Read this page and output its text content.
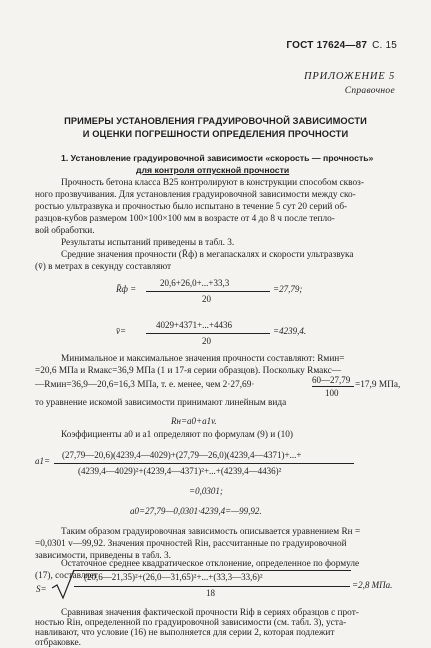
ГОСТ 17624—87 С. 15
ПРИЛОЖЕНИЕ 5
Справочное
ПРИМЕРЫ УСТАНОВЛЕНИЯ ГРАДУИРОВОЧНОЙ ЗАВИСИМОСТИ
И ОЦЕНКИ ПОГРЕШНОСТИ ОПРЕДЕЛЕНИЯ ПРОЧНОСТИ
1. Установление градуировочной зависимости «скорость — прочность»
для контроля отпускной прочности
Прочность бетона класса В25 контролируют в конструкции способом сквоз-
ного прозвучивания. Для установления градуировочной зависимости между ско-
ростью ультразвука и прочностью было испытано в течение 5 сут 20 серий об-
разцов-кубов размером 100×100×100 мм в возрасте от 4 до 8 ч после тепло-
вой обработки.
Результаты испытаний приведены в табл. 3.
Средние значения прочности (R̄ф) в мегапаскалях и скорости ультразвука
(v̄) в метрах в секунду составляют
R̄ф =
20,6+26,0+...+33,3
20
=27,79;
v̄=
4029+4371+...+4436
20
=4239,4.
Минимальное и максимальное значения прочности составляют: Rмин=
=20,6 МПа и Rмакс=36,9 МПа (1 и 17-я серии образцов). Поскольку Rмакс—
—Rмин=36,9—20,6=16,3 МПа, т. е. менее, чем 2·27,69·	60—27,79
100
=17,9 МПа,
то уравнение искомой зависимости принимают линейным вида
Rн=a0+a1v.
Коэффициенты a0 и a1 определяют по формулам (9) и (10)
a1=
(27,79—20,6)(4239,4—4029)+(27,79—26,0)(4239,4—4371)+...+
(4239,4—4029)²+(4239,4—4371)²+...+(4239,4—4436)²
=0,0301;
a0=27,79—0,0301·4239,4=—99,92.
Таким образом градуировочная зависимость описывается уравнением Rн =
=0,0301 v—99,92. Значения прочностей Rін, рассчитанные по градуировочной
зависимости, приведены в табл. 3.
Остаточное среднее квадратическое отклонение, определенное по формуле
(17), составляет
S=
(20,6—21,35)²+(26,0—31,65)²+...+(33,3—33,6)²
18
=2,8 МПа.
Сравнивая значения фактической прочности Rіф в сериях образцов с прот-
ностью Rін, определенной по градуировочной зависимости (см. табл. 3), уста-
навливают, что условие (16) не выполняется для серии 2, которая подлежит
отбраковке.
